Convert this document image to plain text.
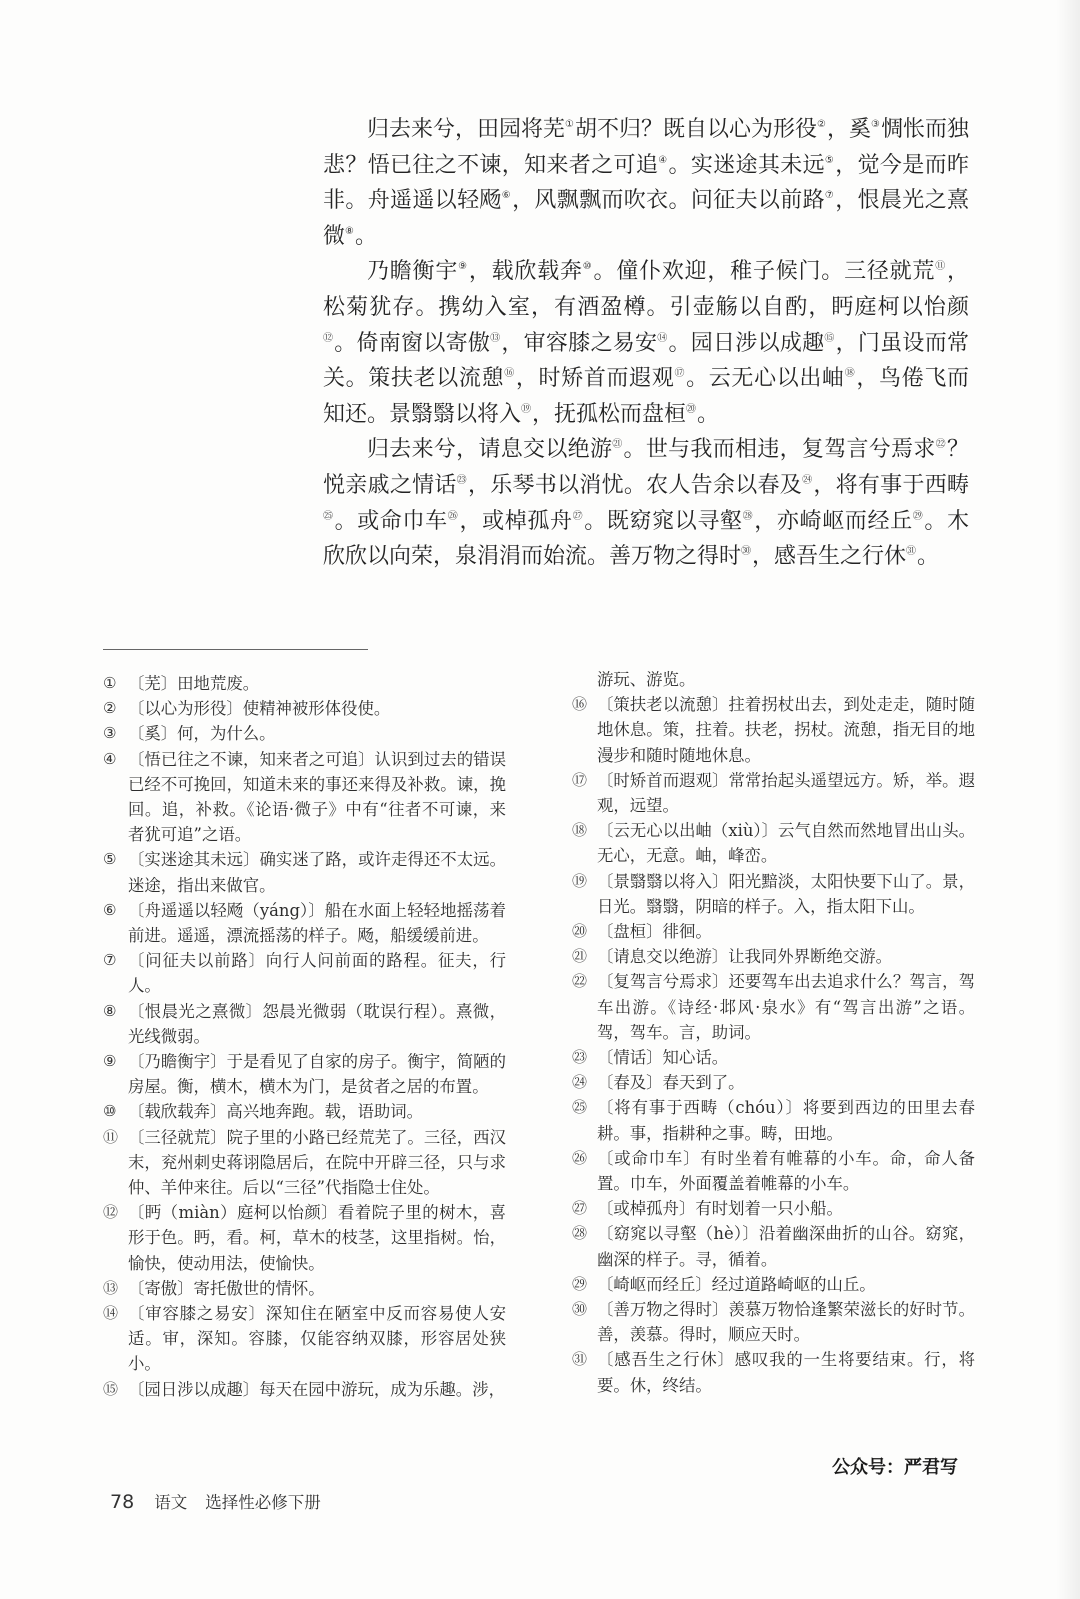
归去来兮，田园将芜①胡不归？既自以心为形役②，奚③惆怅而独悲？悟已往之不谏，知来者之可追④。实迷途其未远⑤，觉今是而昨非。舟遥遥以轻飏⑥，风飘飘而吹衣。问征夫以前路⑦，恨晨光之熹微⑧。

乃瞻衡宇⑨，载欣载奔⑩。僮仆欢迎，稚子候门。三径就荒⑪，松菊犹存。携幼入室，有酒盈樽。引壶觞以自酌，眄庭柯以怡颜⑫。倚南窗以寄傲⑬，审容膝之易安⑭。园日涉以成趣⑮，门虽设而常关。策扶老以流憩⑯，时矫首而遐观⑰。云无心以出岫⑱，鸟倦飞而知还。景翳翳以将入⑲，抚孤松而盘桓⑳。

归去来兮，请息交以绝游$^㉑$。世与我而相违，复驾言兮焉求$^㉒$？悦亲戚之情话$^㉓$，乐琴书以消忧。农人告余以春及$^㉔$，将有事于西畴$^㉕$。或命巾车$^㉖$，或棹孤舟$^㉗$。既窈窕以寻壑$^㉘$，亦崎岖而经丘$^㉙$。木欣欣以向荣，泉涓涓而始流。善万物之得时$^㉚$，感吾生之行休$^㉛$。

① 〔芜〕田地荒废。
② 〔以心为形役〕使精神被形体役使。
③ 〔奚〕何，为什么。
④ 〔悟已往之不谏，知来者之可追〕认识到过去的错误已经不可挽回，知道未来的事还来得及补救。谏，挽回。追，补救。《论语·微子》中有“往者不可谏，来者犹可追”之语。
⑤ 〔实迷途其未远〕确实迷了路，或许走得还不太远。迷途，指出来做官。
⑥ 〔舟遥遥以轻飏（yáng）〕船在水面上轻轻地摇荡着前进。遥遥，漂流摇荡的样子。飏，船缓缓前进。
⑦ 〔问征夫以前路〕向行人问前面的路程。征夫，行人。
⑧ 〔恨晨光之熹微〕怨晨光微弱（耽误行程）。熹微，光线微弱。
⑨ 〔乃瞻衡宇〕于是看见了自家的房子。衡宇，简陋的房屋。衡，横木，横木为门，是贫者之居的布置。
⑩ 〔载欣载奔〕高兴地奔跑。载，语助词。
⑪ 〔三径就荒〕院子里的小路已经荒芜了。三径，西汉末，兖州刺史蒋诩隐居后，在院中开辟三径，只与求仲、羊仲来往。后以“三径”代指隐士住处。
⑫ 〔眄（miàn）庭柯以怡颜〕看着院子里的树木，喜形于色。眄，看。柯，草木的枝茎，这里指树。怡，愉快，使动用法，使愉快。
⑬ 〔寄傲〕寄托傲世的情怀。
⑭ 〔审容膝之易安〕深知住在陋室中反而容易使人安适。审，深知。容膝，仅能容纳双膝，形容居处狭小。
⑮ 〔园日涉以成趣〕每天在园中游玩，成为乐趣。涉，
游玩、游览。
⑯ 〔策扶老以流憩〕拄着拐杖出去，到处走走，随时随地休息。策，拄着。扶老，拐杖。流憩，指无目的地漫步和随时随地休息。
⑰ 〔时矫首而遐观〕常常抬起头遥望远方。矫，举。遐观，远望。
⑱ 〔云无心以出岫（xiù）〕云气自然而然地冒出山头。无心，无意。岫，峰峦。
⑲ 〔景翳翳以将入〕阳光黯淡，太阳快要下山了。景，日光。翳翳，阴暗的样子。入，指太阳下山。
⑳ 〔盘桓〕徘徊。
㉑ 〔请息交以绝游〕让我同外界断绝交游。
㉒ 〔复驾言兮焉求〕还要驾车出去追求什么？驾言，驾车出游。《诗经·邶风·泉水》有“驾言出游”之语。驾，驾车。言，助词。
㉓ 〔情话〕知心话。
㉔ 〔春及〕春天到了。
㉕ 〔将有事于西畴（chóu）〕将要到西边的田里去春耕。事，指耕种之事。畴，田地。
㉖ 〔或命巾车〕有时坐着有帷幕的小车。命，命人备置。巾车，外面覆盖着帷幕的小车。
㉗ 〔或棹孤舟〕有时划着一只小船。
㉘ 〔窈窕以寻壑（hè）〕沿着幽深曲折的山谷。窈窕，幽深的样子。寻，循着。
㉙ 〔崎岖而经丘〕经过道路崎岖的山丘。
㉚ 〔善万物之得时〕羡慕万物恰逢繁荣滋长的好时节。善，羡慕。得时，顺应天时。
㉛ 〔感吾生之行休〕感叹我的一生将要结束。行，将要。休，终结。
公众号：严君写
78 语文 选择性必修下册
